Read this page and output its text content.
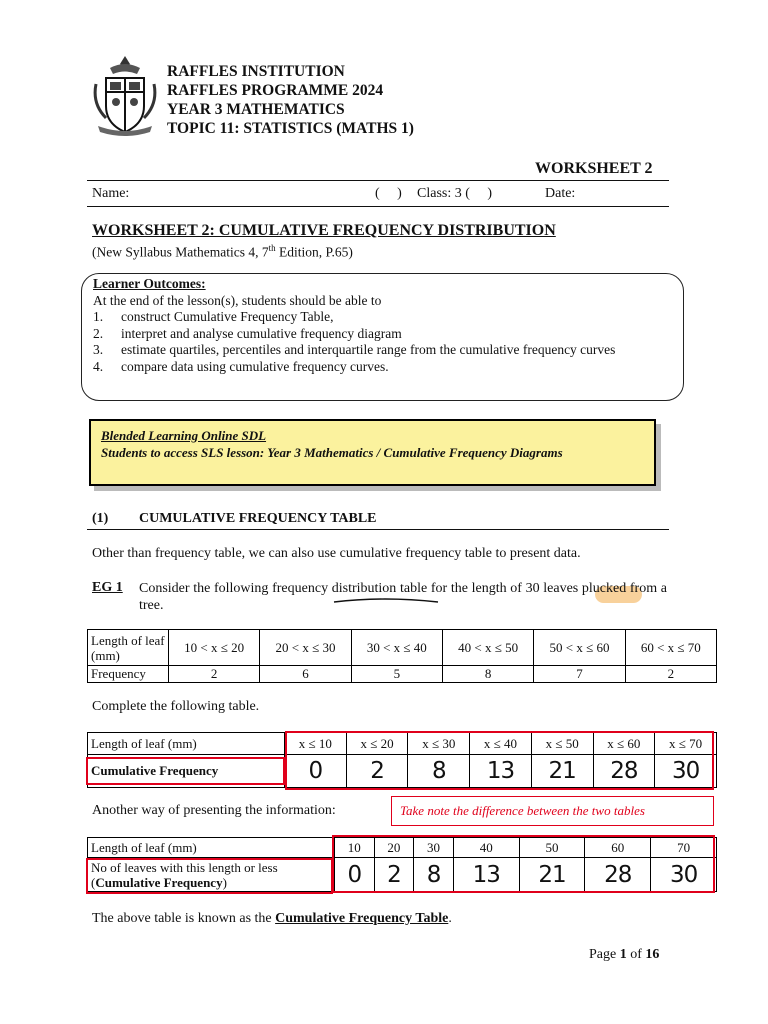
RAFFLES INSTITUTION
RAFFLES PROGRAMME 2024
YEAR 3 MATHEMATICS
TOPIC 11: STATISTICS (MATHS 1)
WORKSHEET 2
Name:	(     ) Class: 3 (     )	Date:
WORKSHEET 2: CUMULATIVE FREQUENCY DISTRIBUTION
(New Syllabus Mathematics 4, 7th Edition, P.65)
Learner Outcomes:
At the end of the lesson(s), students should be able to
1.	construct Cumulative Frequency Table,
2.	interpret and analyse cumulative frequency diagram
3.	estimate quartiles, percentiles and interquartile range from the cumulative frequency curves
4.	compare data using cumulative frequency curves.
Blended Learning Online SDL
Students to access SLS lesson: Year 3 Mathematics / Cumulative Frequency Diagrams
(1) CUMULATIVE FREQUENCY TABLE
Other than frequency table, we can also use cumulative frequency table to present data.
EG 1 Consider the following frequency distribution table for the length of 30 leaves plucked from a tree.
Length of leaf (mm)	10 < x ≤ 20	20 < x ≤ 30	30 < x ≤ 40	40 < x ≤ 50	50 < x ≤ 60	60 < x ≤ 70
Frequency	2	6	5	8	7	2
Complete the following table.
Length of leaf (mm)	x ≤ 10	x ≤ 20	x ≤ 30	x ≤ 40	x ≤ 50	x ≤ 60	x ≤ 70
Cumulative Frequency	0	2	8	13	21	28	30
Another way of presenting the information:	Take note the difference between the two tables
Length of leaf (mm)	10	20	30	40	50	60	70
No of leaves with this length or less
(Cumulative Frequency)	0	2	8	13	21	28	30
The above table is known as the Cumulative Frequency Table.
Page 1 of 16
